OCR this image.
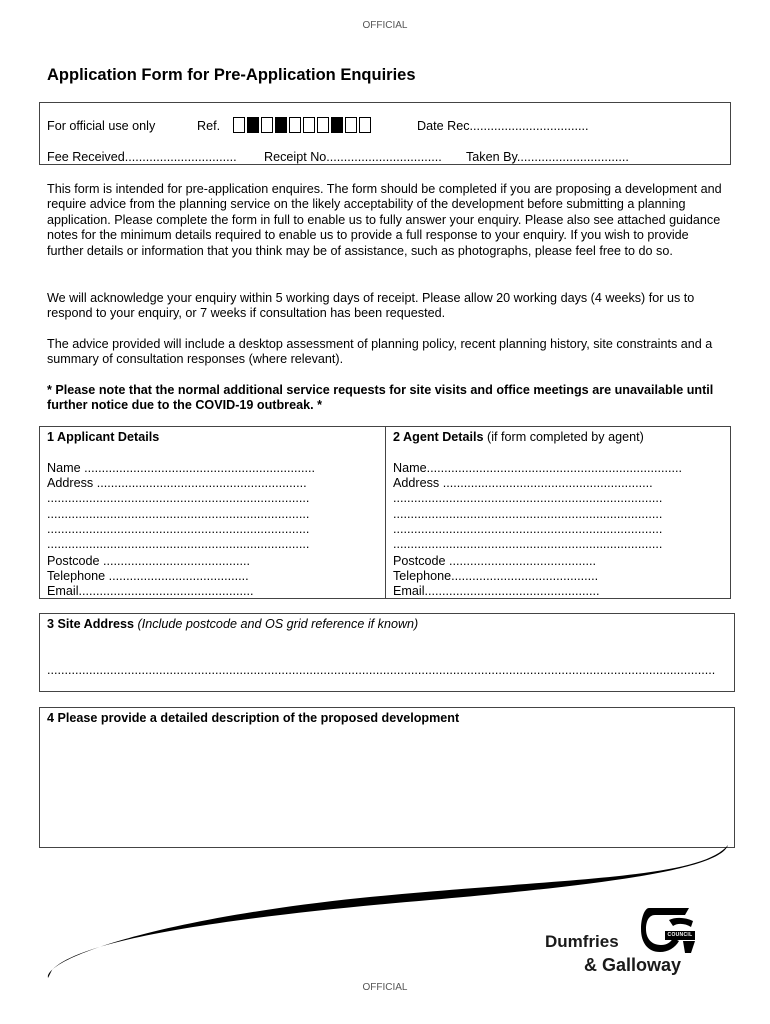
OFFICIAL
Application Form for Pre-Application Enquiries
For official use only	Ref.	Date Rec..................................
Fee Received................................ Receipt No................................. Taken By................................
This form is intended for pre-application enquires. The form should be completed if you are proposing a development and require advice from the planning service on the likely acceptability of the development before submitting a planning application. Please complete the form in full to enable us to fully answer your enquiry. Please also see attached guidance notes for the minimum details required to enable us to provide a full response to your enquiry. If you wish to provide further details or information that you think may be of assistance, such as photographs, please feel free to do so.
We will acknowledge your enquiry within 5 working days of receipt. Please allow 20 working days (4 weeks) for us to respond to your enquiry, or 7 weeks if consultation has been requested.
The advice provided will include a desktop assessment of planning policy, recent planning history, site constraints and a summary of consultation responses (where relevant).
* Please note that the normal additional service requests for site visits and office meetings are unavailable until further notice due to the COVID-19 outbreak. *
1 Applicant Details
Name ..................................................................
Address ............................................................
...........................................................................
...........................................................................
...........................................................................
...........................................................................
Postcode ..........................................
Telephone ........................................
Email..................................................
2 Agent Details (if form completed by agent)
Name.........................................................................
Address ............................................................
.............................................................................
.............................................................................
.............................................................................
.............................................................................
Postcode ..........................................
Telephone..........................................
Email..................................................
3 Site Address (Include postcode and OS grid reference if known)
...............................................................................................................................................................................................
4 Please provide a detailed description of the proposed development
COUNCIL
Dumfries
& Galloway
OFFICIAL
